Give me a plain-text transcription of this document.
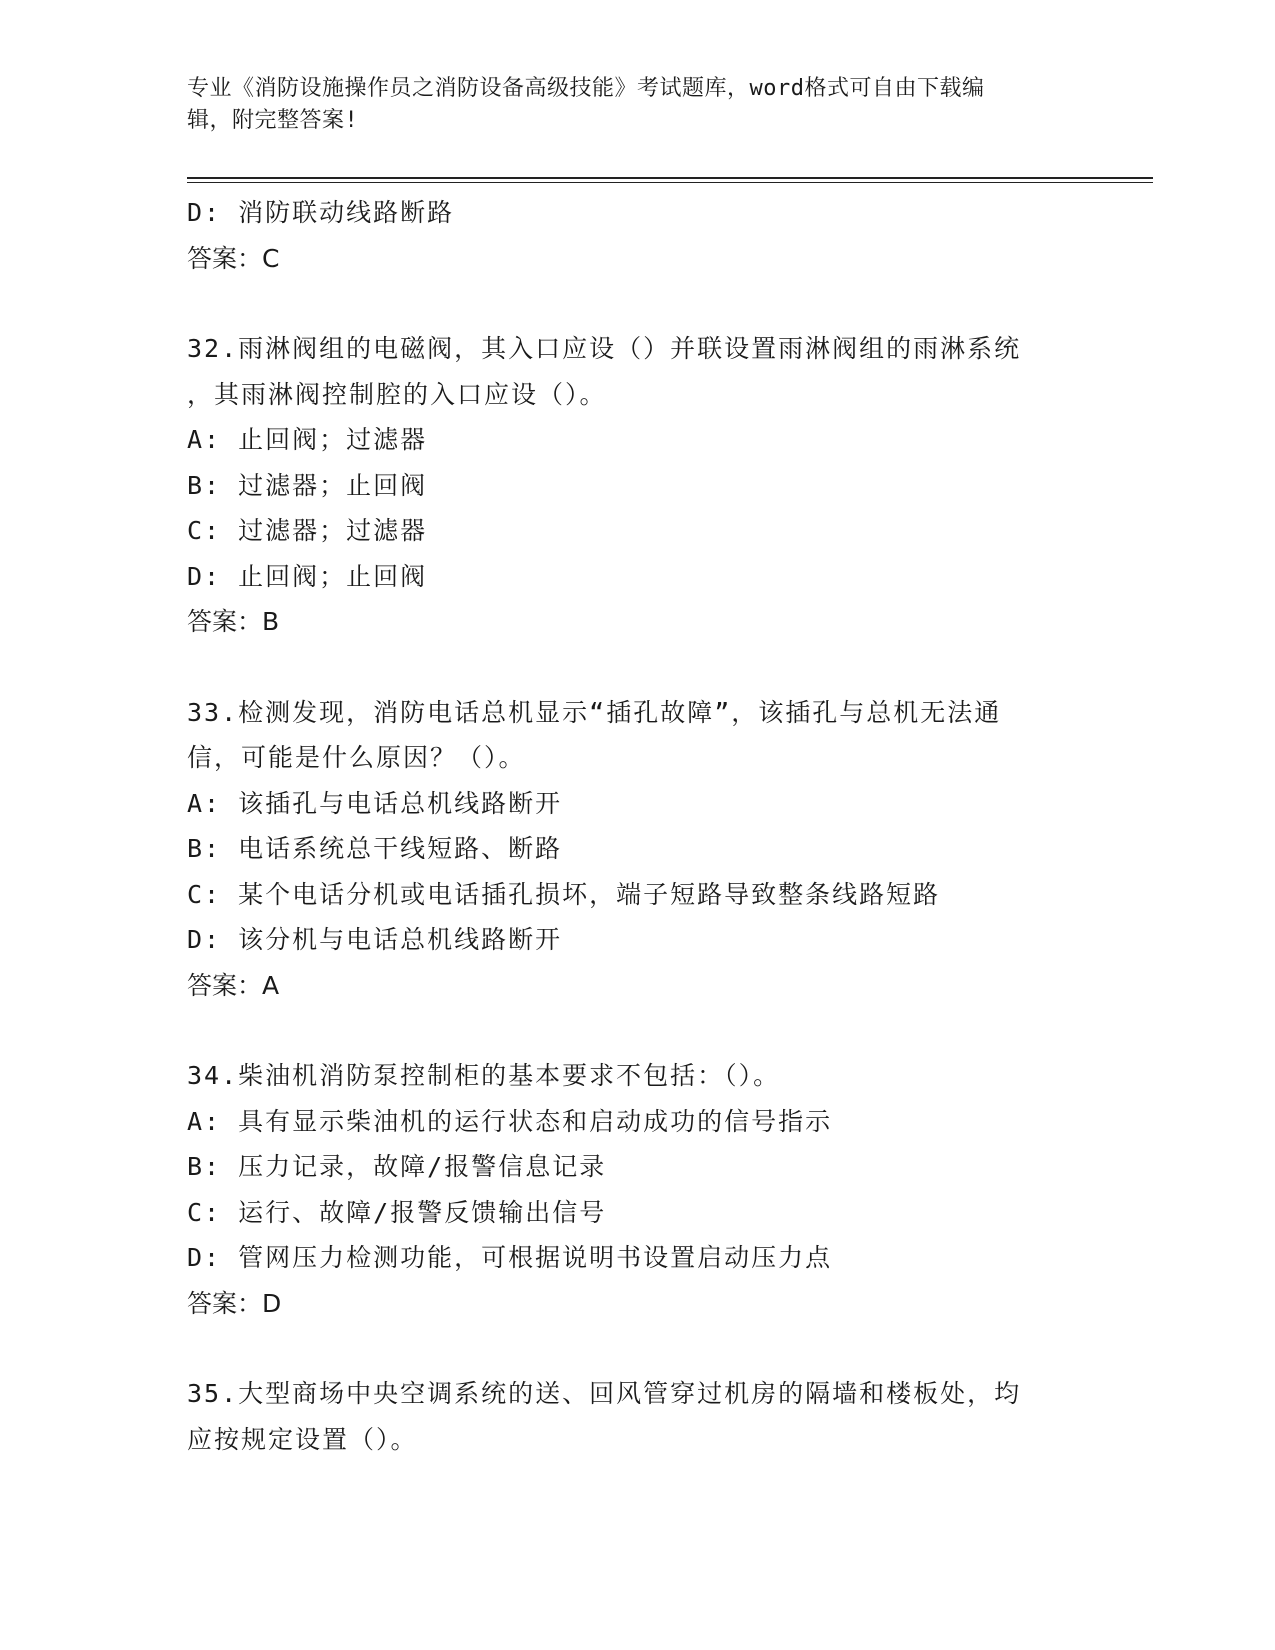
专业《消防设施操作员之消防设备高级技能》考试题库，word格式可自由下载编
辑，附完整答案!
D: 消防联动线路断路
答案：C
32.雨淋阀组的电磁阀，其入口应设（）并联设置雨淋阀组的雨淋系统
，其雨淋阀控制腔的入口应设（）。
A: 止回阀；过滤器
B: 过滤器；止回阀
C: 过滤器；过滤器
D: 止回阀；止回阀
答案：B
33.检测发现，消防电话总机显示“插孔故障”，该插孔与总机无法通
信，可能是什么原因？（）。
A: 该插孔与电话总机线路断开
B: 电话系统总干线短路、断路
C: 某个电话分机或电话插孔损坏，端子短路导致整条线路短路
D: 该分机与电话总机线路断开
答案：A
34.柴油机消防泵控制柜的基本要求不包括：（）。
A: 具有显示柴油机的运行状态和启动成功的信号指示
B: 压力记录，故障/报警信息记录
C: 运行、故障/报警反馈输出信号
D: 管网压力检测功能，可根据说明书设置启动压力点
答案：D
35.大型商场中央空调系统的送、回风管穿过机房的隔墙和楼板处，均
应按规定设置（）。
